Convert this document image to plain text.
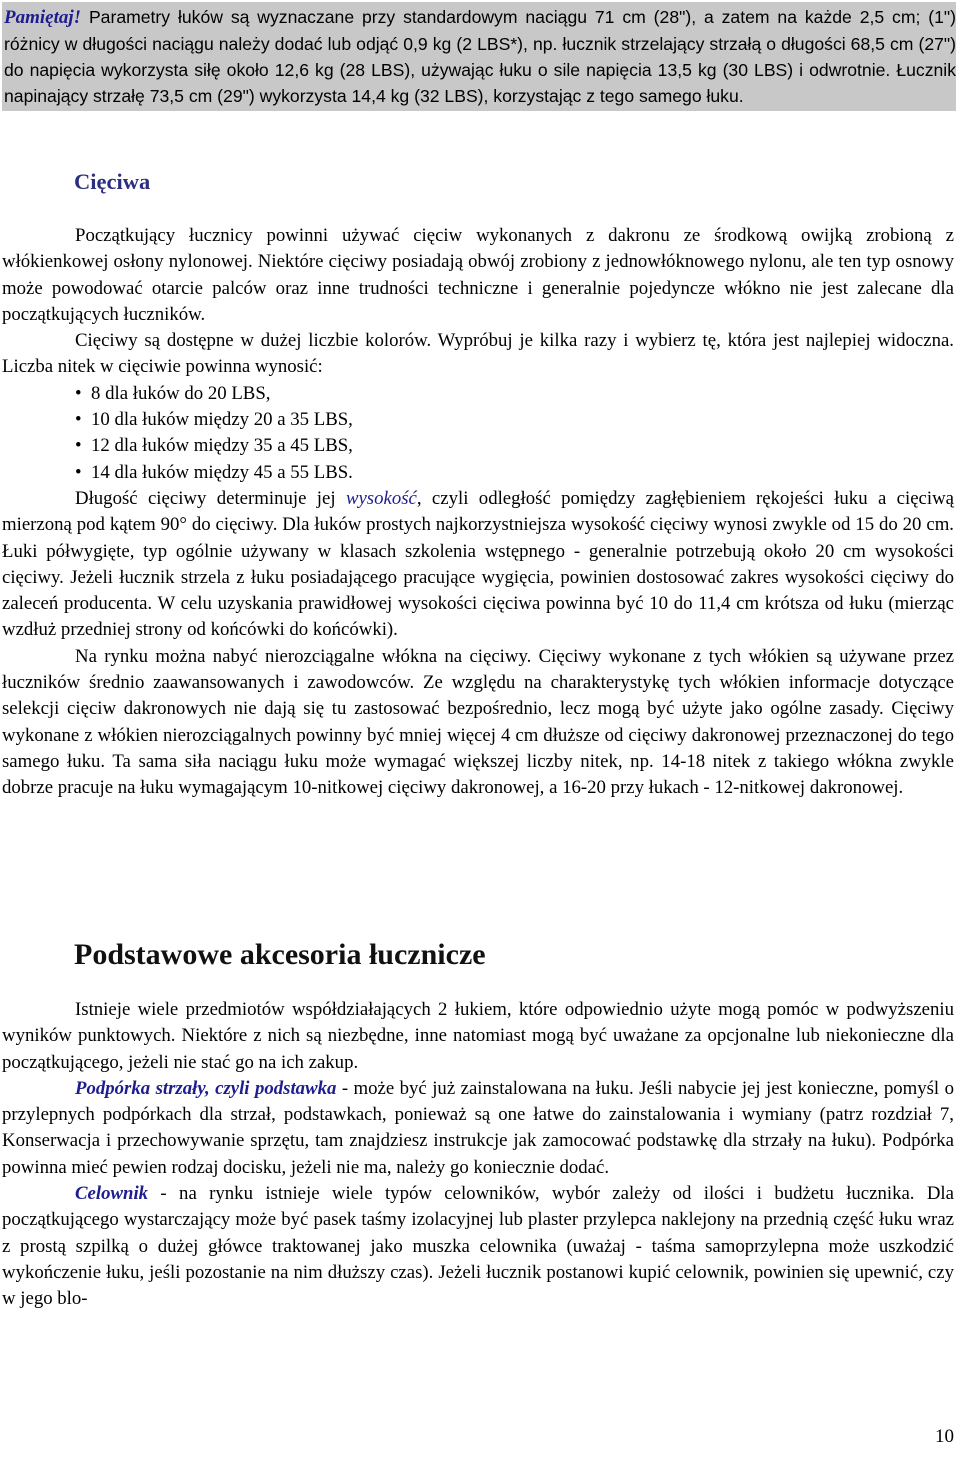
Pamiętaj! Parametry łuków są wyznaczane przy standardowym naciągu 71 cm (28"), a zatem na każde 2,5 cm; (1") różnicy w długości naciągu należy dodać lub odjąć 0,9 kg (2 LBS*), np. łucznik strzelający strzałą o długości 68,5 cm (27") do napięcia wykorzysta siłę około 12,6 kg (28 LBS), używając łuku o sile napięcia 13,5 kg (30 LBS) i odwrotnie. Łucznik napinający strzałę 73,5 cm (29") wykorzysta 14,4 kg (32 LBS), korzystając z tego samego łuku.

Cięciwa

Początkujący łucznicy powinni używać cięciw wykonanych z dakronu ze środkową owijką zrobioną z włókienkowej osłony nylonowej. Niektóre cięciwy posiadają obwój zrobiony z jednowłóknowego nylonu, ale ten typ osnowy może powodować otarcie palców oraz inne trudności techniczne i generalnie pojedyncze włókno nie jest zalecane dla początkujących łuczników.

Cięciwy są dostępne w dużej liczbie kolorów. Wypróbuj je kilka razy i wybierz tę, która jest najlepiej widoczna. Liczba nitek w cięciwie powinna wynosić:

• 8 dla łuków do 20 LBS,
• 10 dla łuków między 20 a 35 LBS,
• 12 dla łuków między 35 a 45 LBS,
• 14 dla łuków między 45 a 55 LBS.

Długość cięciwy determinuje jej wysokość, czyli odległość pomiędzy zagłębieniem rękojeści łuku a cięciwą mierzoną pod kątem 90° do cięciwy. Dla łuków prostych najkorzystniejsza wysokość cięciwy wynosi zwykle od 15 do 20 cm. Łuki półwygięte, typ ogólnie używany w klasach szkolenia wstępnego - generalnie potrzebują około 20 cm wysokości cięciwy. Jeżeli łucznik strzela z łuku posiadającego pracujące wygięcia, powinien dostosować zakres wysokości cięciwy do zaleceń producenta. W celu uzyskania prawidłowej wysokości cięciwa powinna być 10 do 11,4 cm krótsza od łuku (mierząc wzdłuż przedniej strony od końcówki do końcówki).

Na rynku można nabyć nierozciągalne włókna na cięciwy. Cięciwy wykonane z tych włókien są używane przez łuczników średnio zaawansowanych i zawodowców. Ze względu na charakterystykę tych włókien informacje dotyczące selekcji cięciw dakronowych nie dają się tu zastosować bezpośrednio, lecz mogą być użyte jako ogólne zasady. Cięciwy wykonane z włókien nierozciągalnych powinny być mniej więcej 4 cm dłuższe od cięciwy dakronowej przeznaczonej do tego samego łuku. Ta sama siła naciągu łuku może wymagać większej liczby nitek, np. 14-18 nitek z takiego włókna zwykle dobrze pracuje na łuku wymagającym 10-nitkowej cięciwy dakronowej, a 16-20 przy łukach - 12-nitkowej dakronowej.

Podstawowe akcesoria łucznicze

Istnieje wiele przedmiotów współdziałających 2 łukiem, które odpowiednio użyte mogą pomóc w podwyższeniu wyników punktowych. Niektóre z nich są niezbędne, inne natomiast mogą być uważane za opcjonalne lub niekonieczne dla początkującego, jeżeli nie stać go na ich zakup.

Podpórka strzały, czyli podstawka - może być już zainstalowana na łuku. Jeśli nabycie jej jest konieczne, pomyśl o przylepnych podpórkach dla strzał, podstawkach, ponieważ są one łatwe do zainstalowania i wymiany (patrz rozdział 7, Konserwacja i przechowywanie sprzętu, tam znajdziesz instrukcje jak zamocować podstawkę dla strzały na łuku). Podpórka powinna mieć pewien rodzaj docisku, jeżeli nie ma, należy go koniecznie dodać.

Celownik - na rynku istnieje wiele typów celowników, wybór zależy od ilości i budżetu łucznika. Dla początkującego wystarczający może być pasek taśmy izolacyjnej lub plaster przylepca naklejony na przednią część łuku wraz z prostą szpilką o dużej główce traktowanej jako muszka celownika (uważaj - taśma samoprzylepna może uszkodzić wykończenie łuku, jeśli pozostanie na nim dłuższy czas). Jeżeli łucznik postanowi kupić celownik, powinien się upewnić, czy w jego blo-

10
